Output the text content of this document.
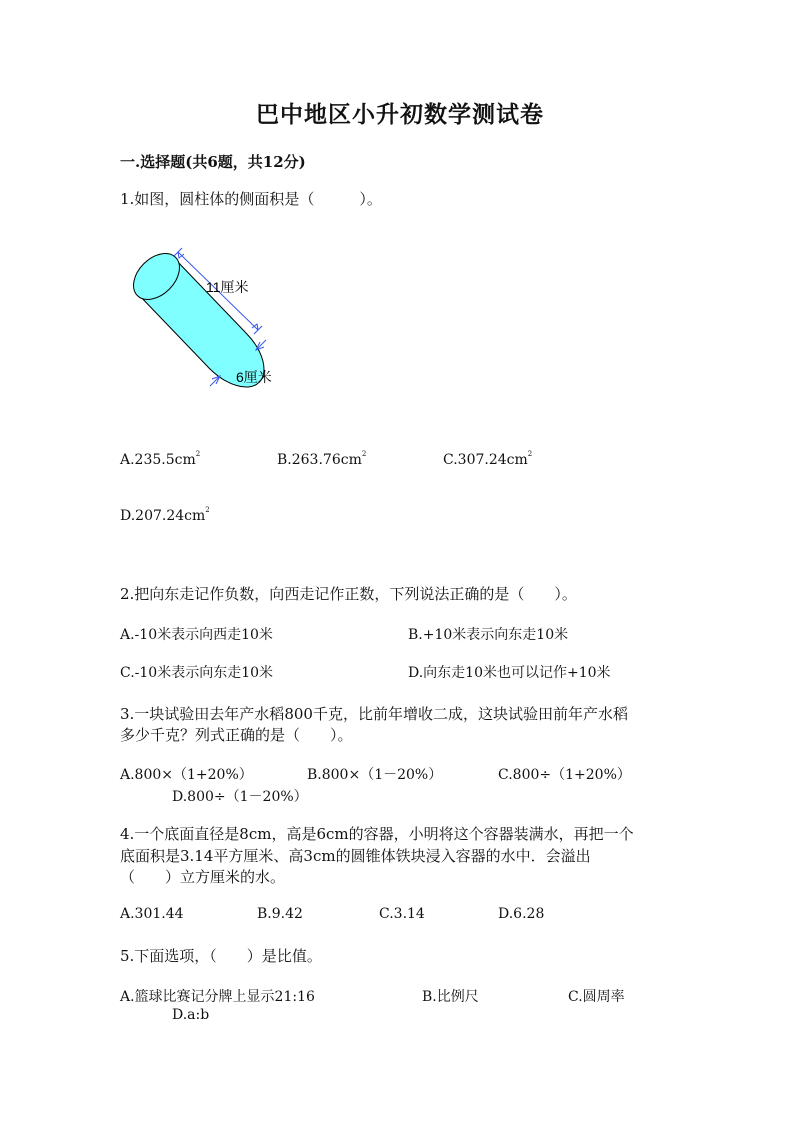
巴中地区小升初数学测试卷
一.选择题(共6题，共12分)
1.如图，圆柱体的侧面积是（　　　）。
11厘米
6厘米
$A.235.5cm^2$	$B.263.76cm^2$	$C.307.24cm^2$
$D.207.24cm^2$
2.把向东走记作负数，向西走记作正数，下列说法正确的是（　　）。
A.-10米表示向西走10米	B.+10米表示向东走10米
C.-10米表示向东走10米	D.向东走10米也可以记作+10米
3.一块试验田去年产水稻800千克，比前年增收二成，这块试验田前年产水稻
多少千克？列式正确的是（　　）。
A.800×（1+20%）	B.800×（1－20%）	C.800÷（1+20%）
D.800÷（1－20%）
4.一个底面直径是8cm，高是6cm的容器，小明将这个容器装满水，再把一个
底面积是3.14平方厘米、高3cm的圆锥体铁块浸入容器的水中．会溢出
（　　）立方厘米的水。
A.301.44	B.9.42	C.3.14	D.6.28
5.下面选项，（　　）是比值。
A.篮球比赛记分牌上显示21:16	B.比例尺	C.圆周率
D.a:b
